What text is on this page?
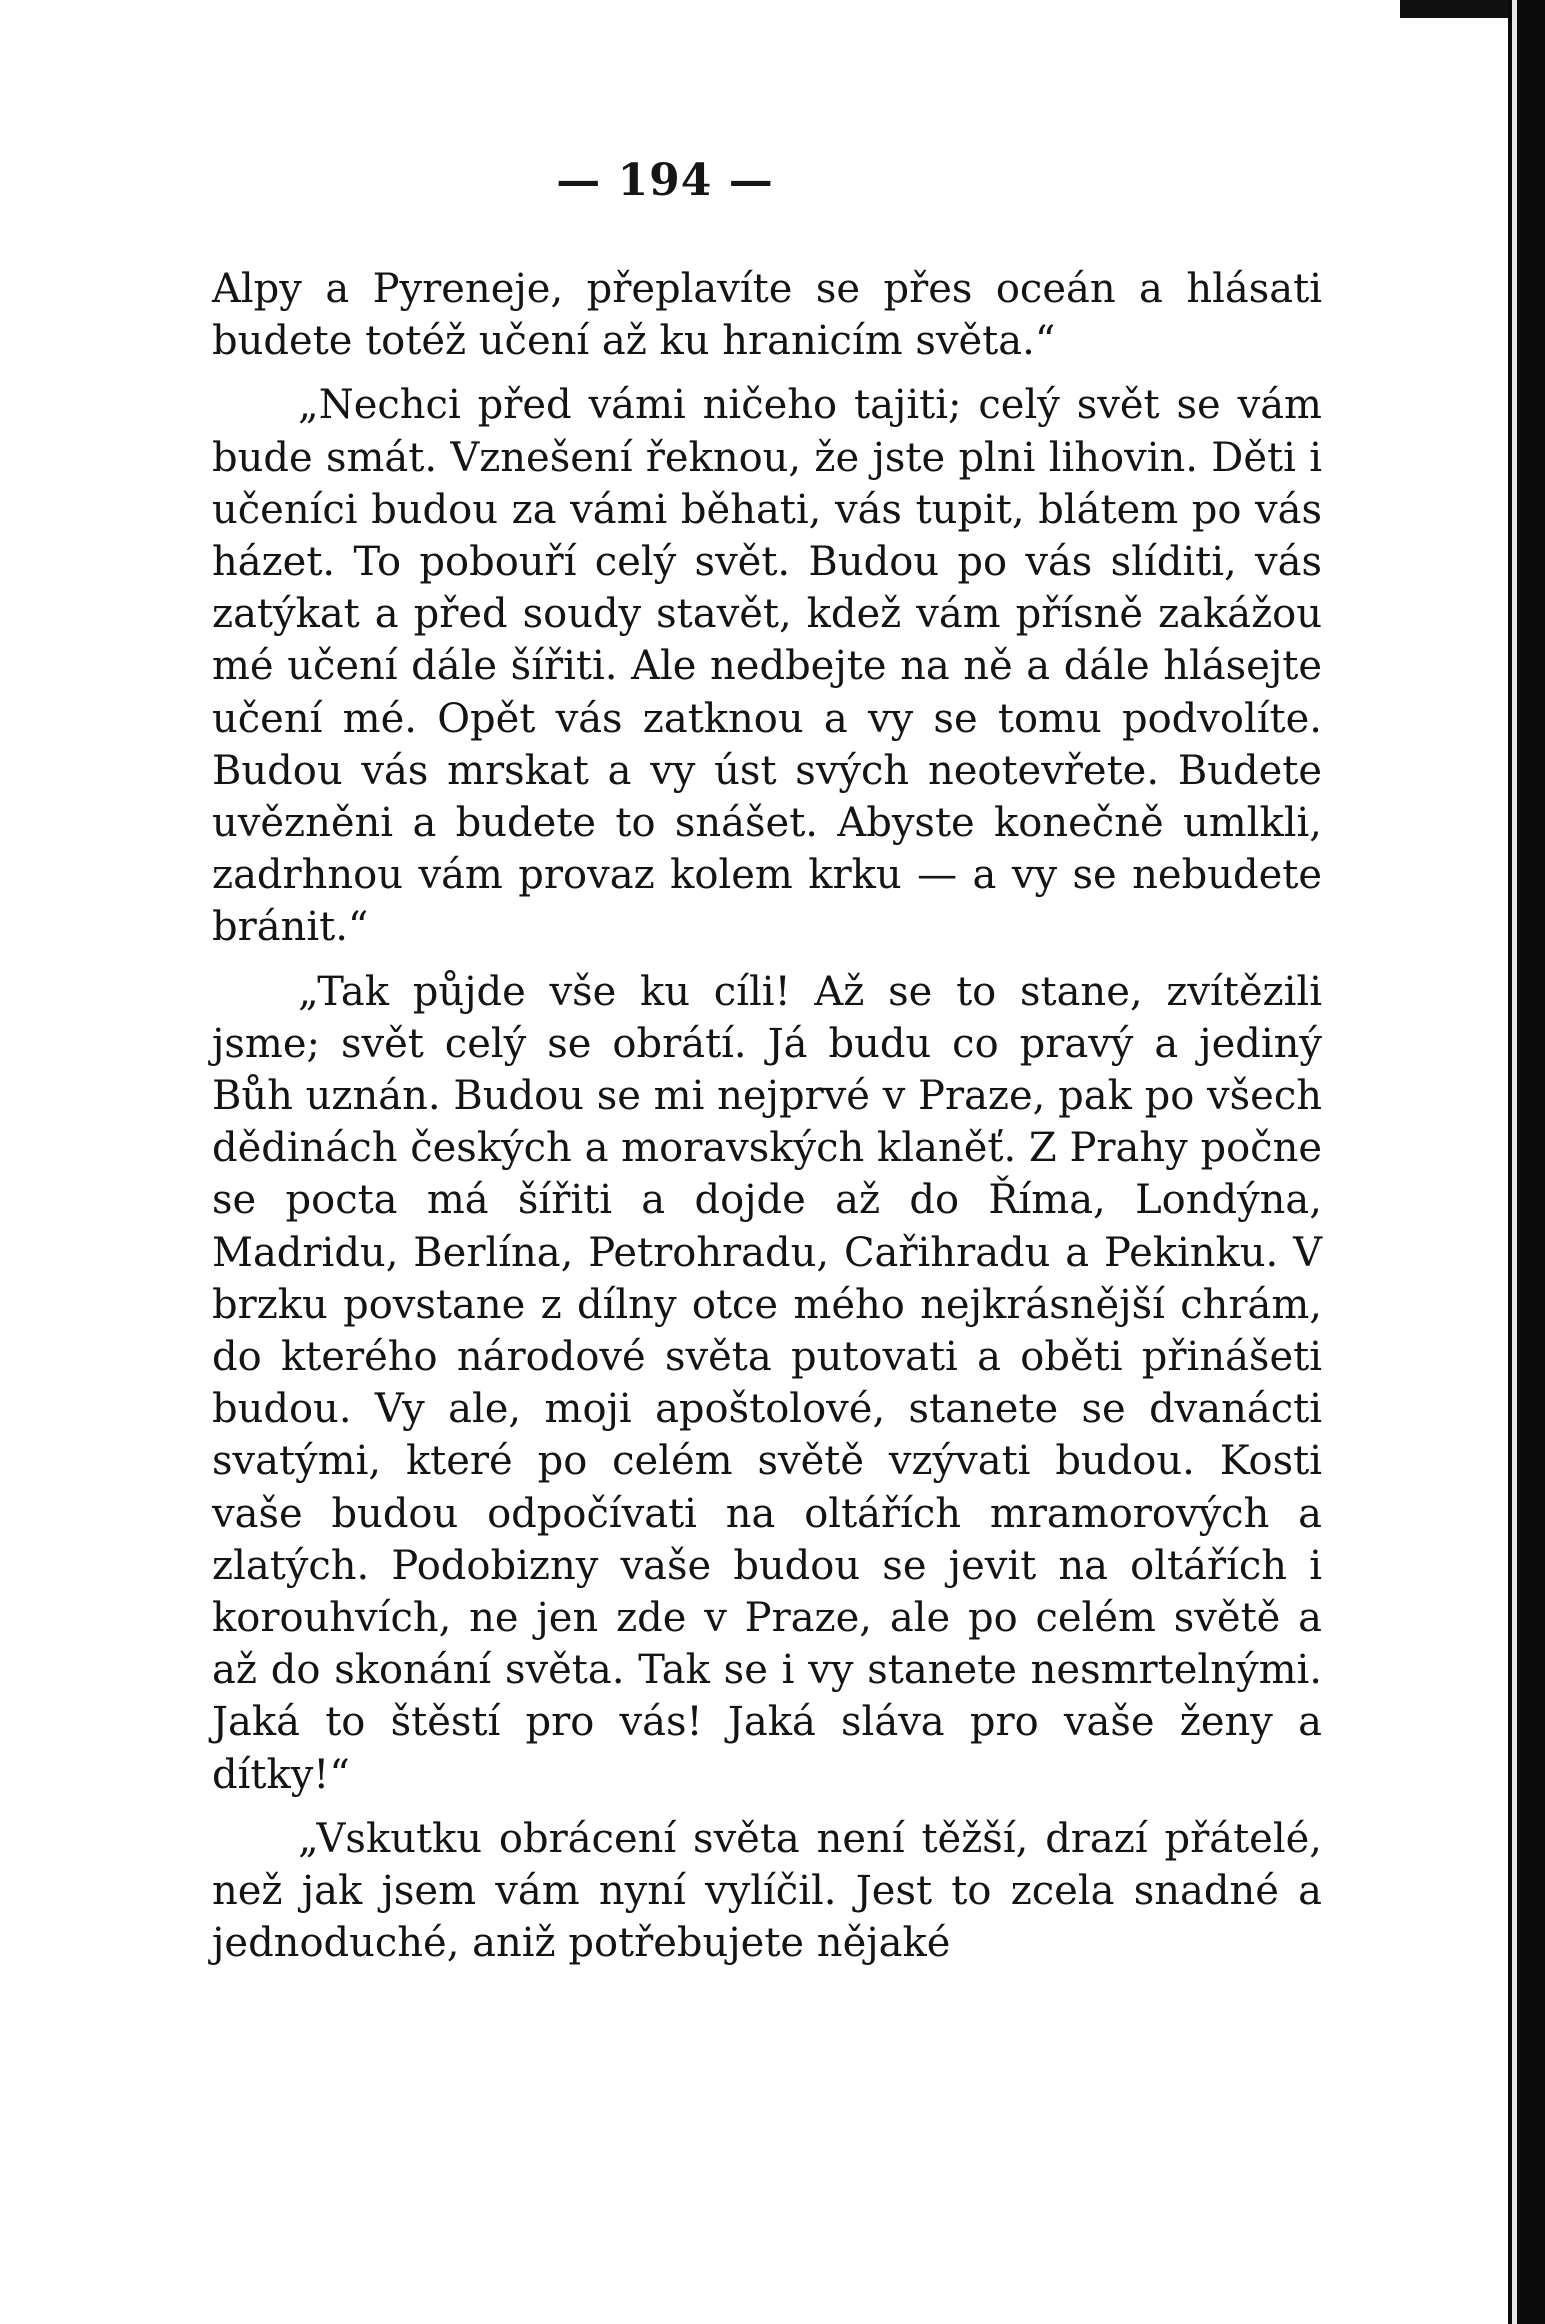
— 194 —

Alpy a Pyreneje, přeplavíte se přes oceán a hlásati budete totéž učení až ku hranicím světa.“

„Nechci před vámi ničeho tajiti; celý svět se vám bude smát. Vznešení řeknou, že jste plni lihovin. Děti i učeníci budou za vámi běhati, vás tupit, blátem po vás házet. To pobouří celý svět. Budou po vás slíditi, vás zatýkat a před soudy stavět, kdež vám přísně zakážou mé učení dále šířiti. Ale nedbejte na ně a dále hlásejte učení mé. Opět vás zatknou a vy se tomu podvolíte. Budou vás mrskat a vy úst svých neotevřete. Budete uvězněni a budete to snášet. Abyste konečně umlkli, zadrhnou vám provaz kolem krku — a vy se nebudete bránit.“

„Tak půjde vše ku cíli! Až se to stane, zvítězili jsme; svět celý se obrátí. Já budu co pravý a jediný Bůh uznán. Budou se mi nejprvé v Praze, pak po všech dědinách českých a moravských klaněť. Z Prahy počne se pocta má šířiti a dojde až do Říma, Londýna, Madridu, Berlína, Petrohradu, Cařihradu a Pekinku. V brzku povstane z dílny otce mého nejkrásnější chrám, do kterého národové světa putovati a oběti přinášeti budou. Vy ale, moji apoštolové, stanete se dvanácti svatými, které po celém světě vzývati budou. Kosti vaše budou odpočívati na oltářích mramorových a zlatých. Podobizny vaše budou se jevit na oltářích i korouhvích, ne jen zde v Praze, ale po celém světě a až do skonání světa. Tak se i vy stanete nesmrtelnými. Jaká to štěstí pro vás! Jaká sláva pro vaše ženy a dítky!“

„Vskutku obrácení světa není těžší, drazí přátelé, než jak jsem vám nyní vylíčil. Jest to zcela snadné a jednoduché, aniž potřebujete nějaké
